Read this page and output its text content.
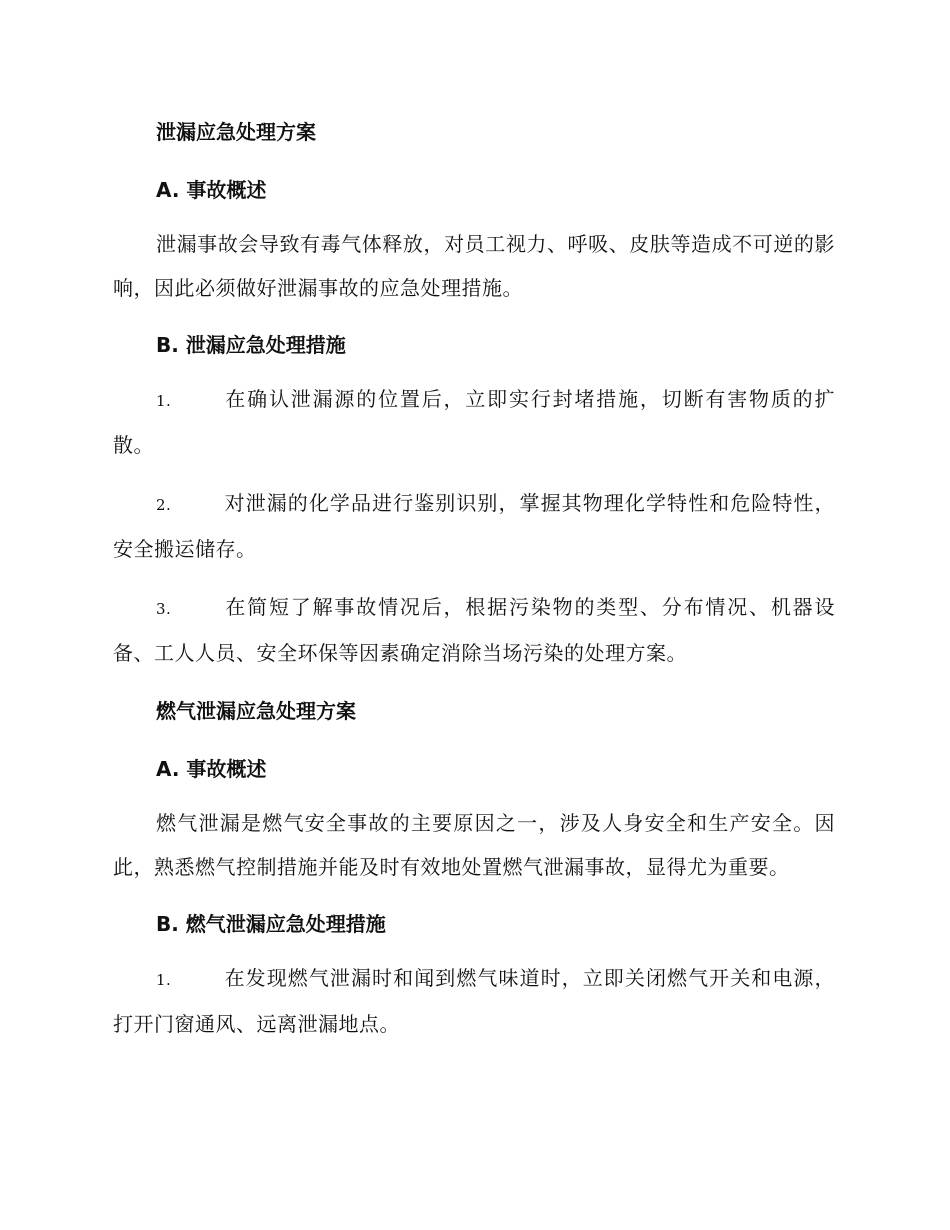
泄漏应急处理方案

A. 事故概述

泄漏事故会导致有毒气体释放，对员工视力、呼吸、皮肤等造成不可逆的影响，因此必须做好泄漏事故的应急处理措施。

B. 泄漏应急处理措施

1.	在确认泄漏源的位置后，立即实行封堵措施，切断有害物质的扩散。

2.	对泄漏的化学品进行鉴别识别，掌握其物理化学特性和危险特性，安全搬运储存。

3.	在简短了解事故情况后，根据污染物的类型、分布情况、机器设备、工人人员、安全环保等因素确定消除当场污染的处理方案。

燃气泄漏应急处理方案

A. 事故概述

燃气泄漏是燃气安全事故的主要原因之一，涉及人身安全和生产安全。因此，熟悉燃气控制措施并能及时有效地处置燃气泄漏事故，显得尤为重要。

B. 燃气泄漏应急处理措施

1.	在发现燃气泄漏时和闻到燃气味道时，立即关闭燃气开关和电源，打开门窗通风、远离泄漏地点。
